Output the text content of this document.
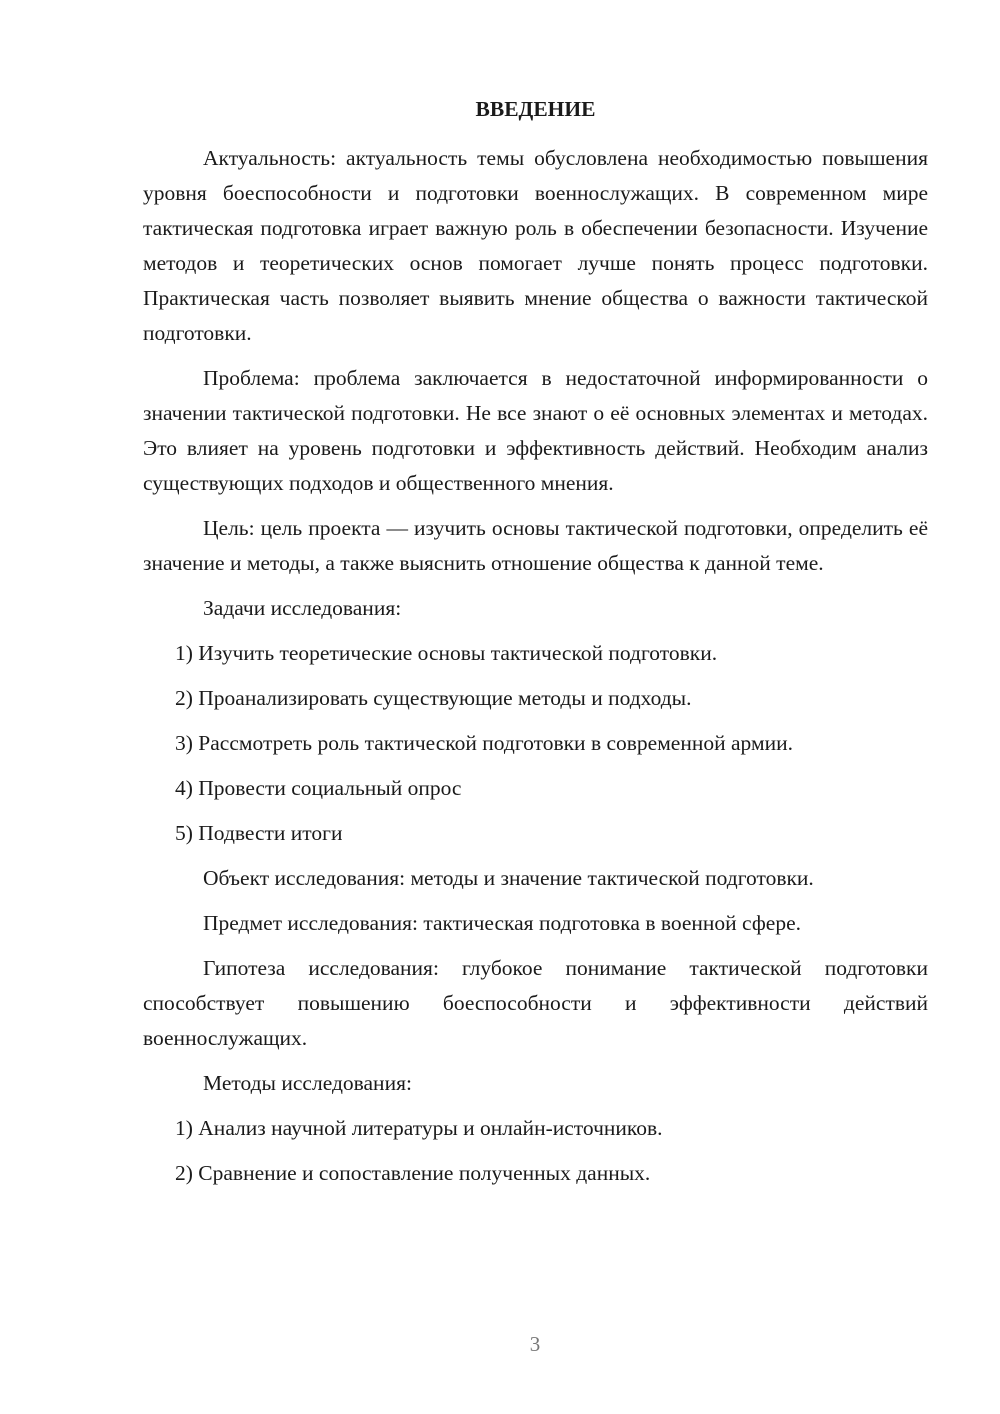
ВВЕДЕНИЕ

Актуальность: актуальность темы обусловлена необходимостью повышения уровня боеспособности и подготовки военнослужащих. В современном мире тактическая подготовка играет важную роль в обеспечении безопасности. Изучение методов и теоретических основ помогает лучше понять процесс подготовки. Практическая часть позволяет выявить мнение общества о важности тактической подготовки.

Проблема: проблема заключается в недостаточной информированности о значении тактической подготовки. Не все знают о её основных элементах и методах. Это влияет на уровень подготовки и эффективность действий. Необходим анализ существующих подходов и общественного мнения.

Цель: цель проекта — изучить основы тактической подготовки, определить её значение и методы, а также выяснить отношение общества к данной теме.

Задачи исследования:

1) Изучить теоретические основы тактической подготовки.

2) Проанализировать существующие методы и подходы.

3) Рассмотреть роль тактической подготовки в современной армии.

4) Провести социальный опрос

5) Подвести итоги

Объект исследования: методы и значение тактической подготовки.

Предмет исследования: тактическая подготовка в военной сфере.

Гипотеза исследования: глубокое понимание тактической подготовки способствует повышению боеспособности и эффективности действий военнослужащих.

Методы исследования:

1) Анализ научной литературы и онлайн-источников.

2) Сравнение и сопоставление полученных данных.

3
